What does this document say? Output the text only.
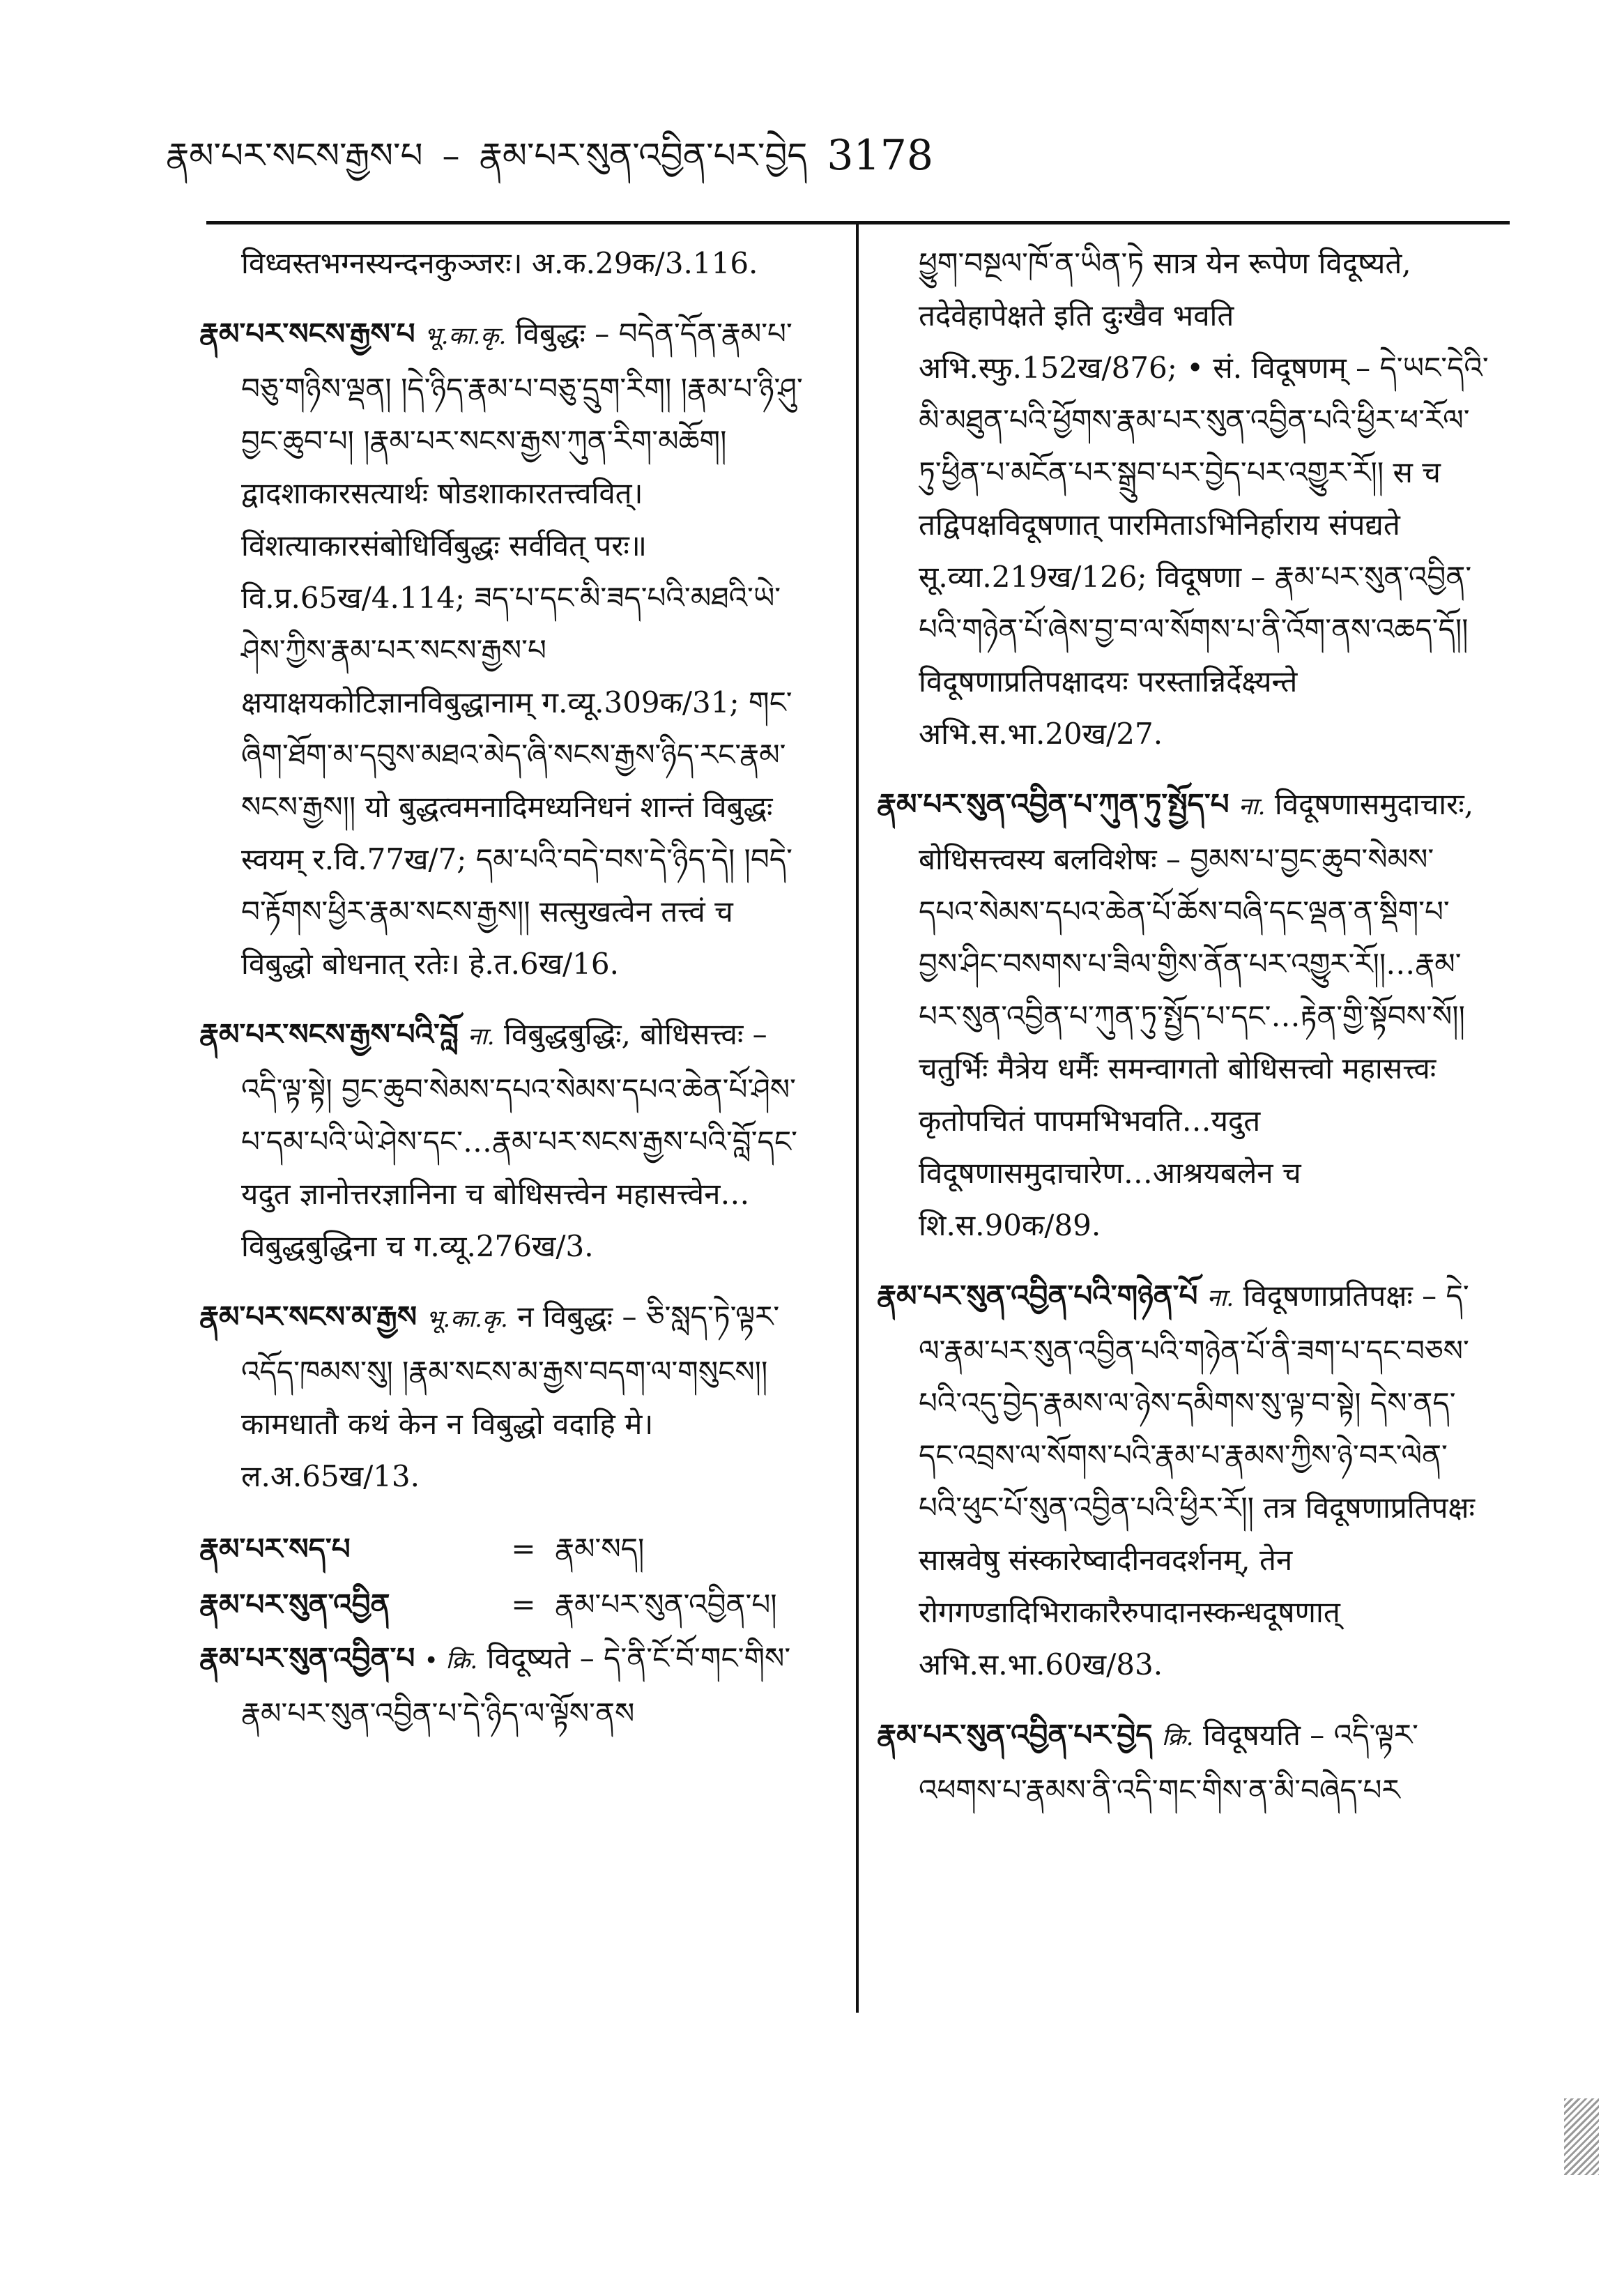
རྣམ་པར་སངས་རྒྱས་པ – རྣམ་པར་སུན་འབྱིན་པར་བྱེད 3178

विध्वस्तभग्नस्यन्दनकुञ्जरः। अ.क.29क/3.116.

རྣམ་པར་སངས་རྒྱས་པ भू.का.कृ. विबुद्धः – བདེན་དོན་རྣམ་པ་བཅུ་གཉིས་ལྡན། །དེ་ཉིད་རྣམ་པ་བཅུ་དྲུག་རིག། །རྣམ་པ་ཉི་ཤུ་བྱང་ཆུབ་པ། །རྣམ་པར་སངས་རྒྱས་ཀུན་རིག་མཆོག། द्वादशाकारसत्यार्थः षोडशाकारतत्त्ववित्। विंशत्याकारसंबोधिर्विबुद्धः सर्ववित् परः॥ वि.प्र.65ख/4.114; ཟད་པ་དང་མི་ཟད་པའི་མཐའི་ཡེ་ཤེས་ཀྱིས་རྣམ་པར་སངས་རྒྱས་པ क्षयाक्षयकोटिज्ञानविबुद्धानाम् ग.व्यू.309क/31; གང་ཞིག་ཐོག་མ་དབུས་མཐའ་མེད་ཞི་སངས་རྒྱས་ཉིད་རང་རྣམ་སངས་རྒྱས།། यो बुद्धत्वमनादिमध्यनिधनं शान्तं विबुद्धः स्वयम् र.वि.77ख/7; དམ་པའི་བདེ་བས་དེ་ཉིད་དེ། །བདེ་བ་རྟོགས་ཕྱིར་རྣམ་སངས་རྒྱས།། सत्सुखत्वेन तत्त्वं च विबुद्धो बोधनात् रतेः। हे.त.6ख/16.

རྣམ་པར་སངས་རྒྱས་པའི་བློ ना. विबुद्धबुद्धिः, बोधिसत्त्वः – འདི་ལྟ་སྟེ། བྱང་ཆུབ་སེམས་དཔའ་སེམས་དཔའ་ཆེན་པོ་ཤེས་པ་དམ་པའི་ཡེ་ཤེས་དང་…རྣམ་པར་སངས་རྒྱས་པའི་བློ་དང་ यदुत ज्ञानोत्तरज्ञानिना च बोधिसत्त्वेन महासत्त्वेन…विबुद्धबुद्धिना च ग.व्यू.276ख/3.

རྣམ་པར་སངས་མ་རྒྱས भू.का.कृ. न विबुद्धः – ཅི་སླད་ཏེ་ལྟར་འདོད་ཁམས་སུ། །རྣམ་སངས་མ་རྒྱས་བདག་ལ་གསུངས།། कामधातौ कथं केन न विबुद्धो वदाहि मे। ल.अ.65ख/13.

རྣམ་པར་སད་པ	= རྣམ་སད།
རྣམ་པར་སུན་འབྱིན	= རྣམ་པར་སུན་འབྱིན་པ།

རྣམ་པར་སུན་འབྱིན་པ • क्रि. विदूष्यते – དེ་ནི་ངོ་བོ་གང་གིས་རྣམ་པར་སུན་འབྱིན་པ་དེ་ཉིད་ལ་ལྟོས་ནས

ཕྱུག་བསྔལ་ཁོ་ན་ཡིན་ཏེ सात्र येन रूपेण विदूष्यते, तदेवेहापेक्षते इति दुःखैव भवति अभि.स्फु.152ख/876; • सं. विदूषणम् – དེ་ཡང་དེའི་མི་མཐུན་པའི་ཕྱོགས་རྣམ་པར་སུན་འབྱིན་པའི་ཕྱིར་ཕ་རོལ་ཏུ་ཕྱིན་པ་མངོན་པར་སྒྲུབ་པར་བྱེད་པར་འགྱུར་རོ།། स च तद्विपक्षविदूषणात् पारमिताऽभिनिर्हाराय संपद्यते सू.व्या.219ख/126; विदूषणा – རྣམ་པར་སུན་འབྱིན་པའི་གཉེན་པོ་ཞེས་བྱ་བ་ལ་སོགས་པ་ནི་འོག་ནས་འཆད་དོ།། विदूषणाप्रतिपक्षादयः परस्तान्निर्देक्ष्यन्ते अभि.स.भा.20ख/27.

རྣམ་པར་སུན་འབྱིན་པ་ཀུན་ཏུ་སྤྱོད་པ ना. विदूषणासमुदाचारः, बोधिसत्त्वस्य बलविशेषः – བྱམས་པ་བྱང་ཆུབ་སེམས་དཔའ་སེམས་དཔའ་ཆེན་པོ་ཆོས་བཞི་དང་ལྡན་ན་སྡིག་པ་བྱས་ཤིང་བསགས་པ་ཟིལ་གྱིས་ནོན་པར་འགྱུར་རོ།།…རྣམ་པར་སུན་འབྱིན་པ་ཀུན་ཏུ་སྤྱོད་པ་དང་…རྟེན་གྱི་སྟོབས་སོ།། चतुर्भिः मैत्रेय धर्मैः समन्वागतो बोधिसत्त्वो महासत्त्वः कृतोपचितं पापमभिभवति…यदुत विदूषणासमुदाचारेण…आश्रयबलेन च शि.स.90क/89.

རྣམ་པར་སུན་འབྱིན་པའི་གཉེན་པོ ना. विदूषणाप्रतिपक्षः – དེ་ལ་རྣམ་པར་སུན་འབྱིན་པའི་གཉེན་པོ་ནི་ཟག་པ་དང་བཅས་པའི་འདུ་བྱེད་རྣམས་ལ་ཉེས་དམིགས་སུ་ལྟ་བ་སྟེ། དེས་ནད་དང་འབྲས་ལ་སོགས་པའི་རྣམ་པ་རྣམས་ཀྱིས་ཉེ་བར་ལེན་པའི་ཕུང་པོ་སུན་འབྱིན་པའི་ཕྱིར་རོ།། तत्र विदूषणाप्रतिपक्षः सास्रवेषु संस्कारेष्वादीनवदर्शनम्, तेन रोगगण्डादिभिराकारैरुपादानस्कन्धदूषणात् अभि.स.भा.60ख/83.

རྣམ་པར་སུན་འབྱིན་པར་བྱེད क्रि. विदूषयति – འདི་ལྟར་འཕགས་པ་རྣམས་ནི་འདི་གང་གིས་ན་མི་བཞེད་པར
